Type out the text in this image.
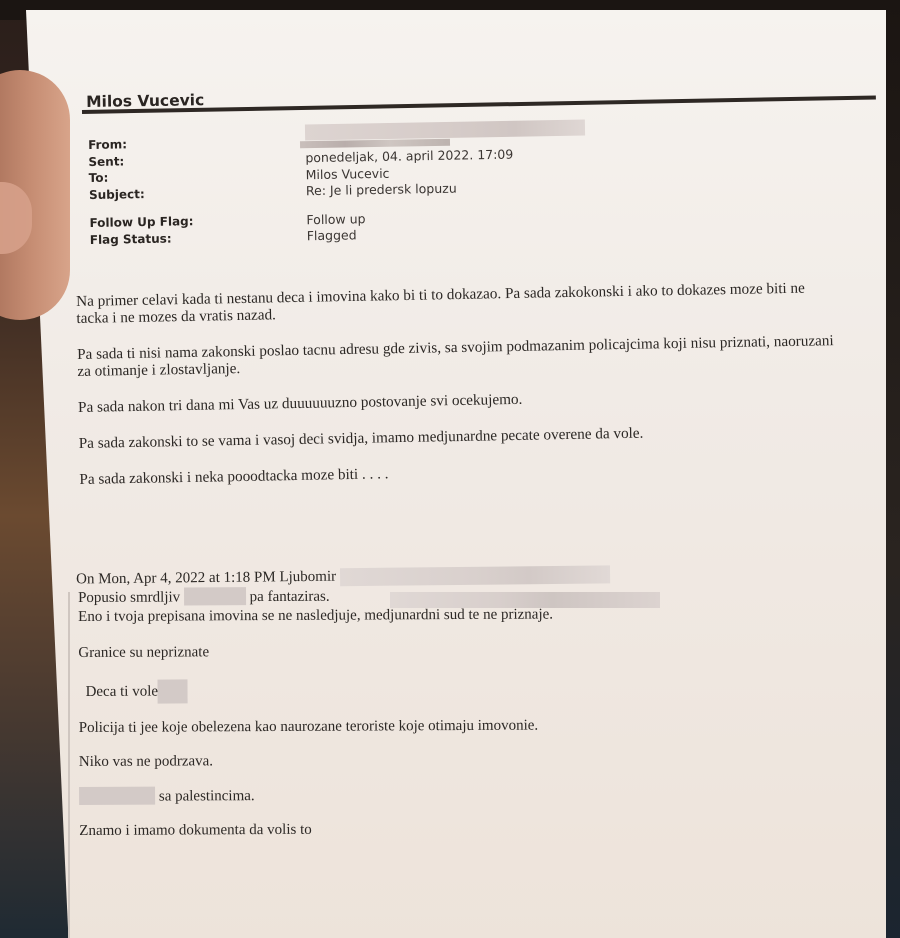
Milos Vucevic
From:
Sent:	ponedeljak, 04. april 2022. 17:09
To:	Milos Vucevic
Subject:	Re: Je li predersk lopuzu
Follow Up Flag:	Follow up
Flag Status:	Flagged

Na primer celavi kada ti nestanu deca i imovina kako bi ti to dokazao. Pa sada zakokonski i ako to dokazes moze biti ne tacka i ne mozes da vratis nazad.

Pa sada ti nisi nama zakonski poslao tacnu adresu gde zivis, sa svojim podmazanim policajcima koji nisu priznati, naoruzani za otimanje i zlostavljanje.

Pa sada nakon tri dana mi Vas uz duuuuuuzno postovanje svi ocekujemo.

Pa sada zakonski to se vama i vasoj deci svidja, imamo medjunardne pecate overene da vole.

Pa sada zakonski i neka pooodtacka moze biti . . . .

On Mon, Apr 4, 2022 at 1:18 PM Ljubomir
Popusio smrdljiv	pa fantaziras.
Eno i tvoja prepisana imovina se ne nasledjuje, medjunardni sud te ne priznaje.
Granice su nepriznate
Deca ti vole
Policija ti jee koje obelezena kao naurozane teroriste koje otimaju imovonie.
Niko vas ne podrzava.
sa palestincima.
Znamo i imamo dokumenta da volis to
